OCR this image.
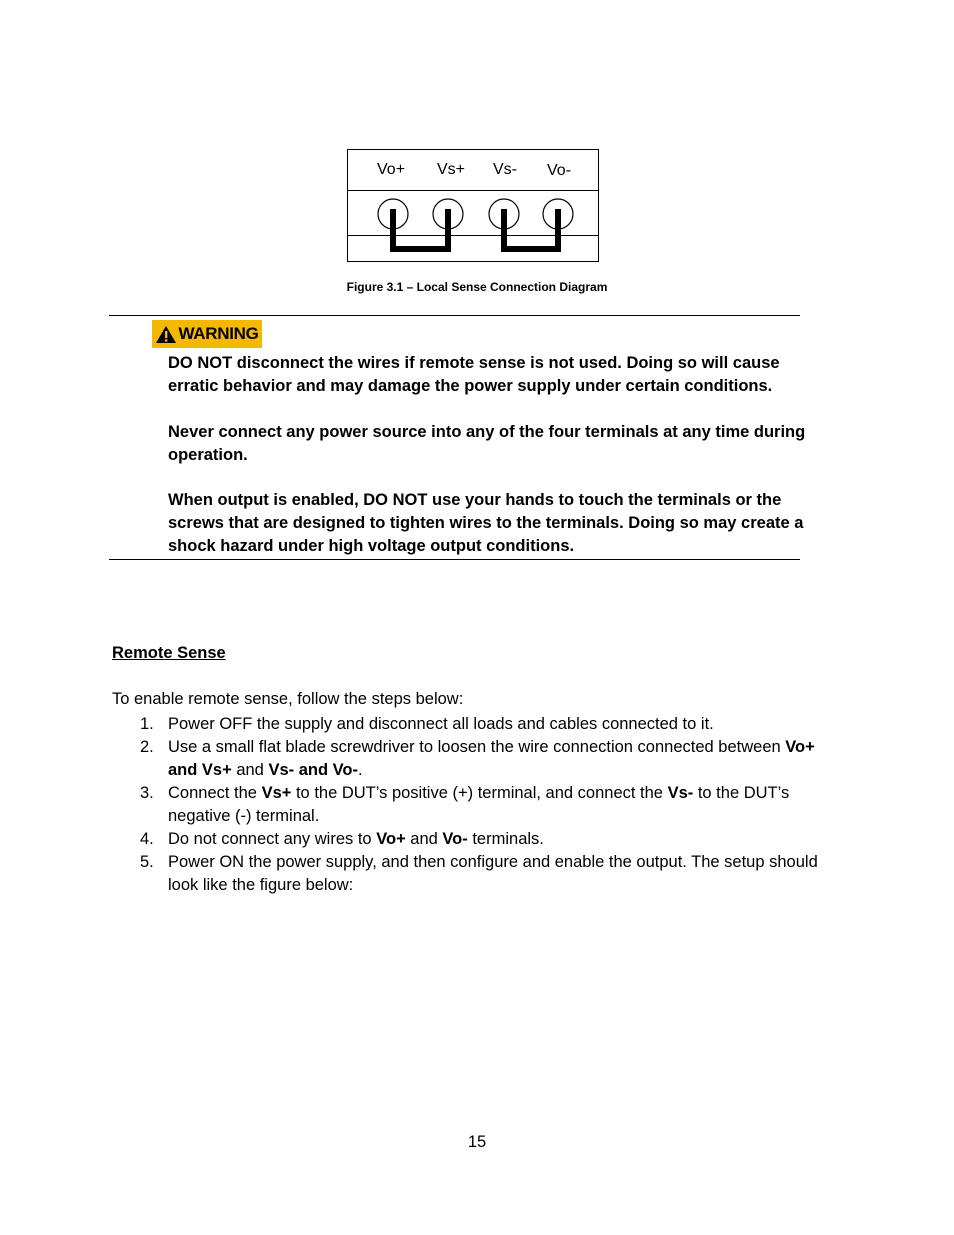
Vo+ Vs+ Vs- Vo-
Figure 3.1 – Local Sense Connection Diagram
WARNING

DO NOT disconnect the wires if remote sense is not used. Doing so will cause erratic behavior and may damage the power supply under certain conditions.

Never connect any power source into any of the four terminals at any time during operation.

When output is enabled, DO NOT use your hands to touch the terminals or the screws that are designed to tighten wires to the terminals. Doing so may create a shock hazard under high voltage output conditions.

Remote Sense
To enable remote sense, follow the steps below:
1. Power OFF the supply and disconnect all loads and cables connected to it.
2. Use a small flat blade screwdriver to loosen the wire connection connected between Vo+ and Vs+ and Vs- and Vo-.
3. Connect the Vs+ to the DUT’s positive (+) terminal, and connect the Vs- to the DUT’s negative (-) terminal.
4. Do not connect any wires to Vo+ and Vo- terminals.
5. Power ON the power supply, and then configure and enable the output. The setup should look like the figure below:
15
